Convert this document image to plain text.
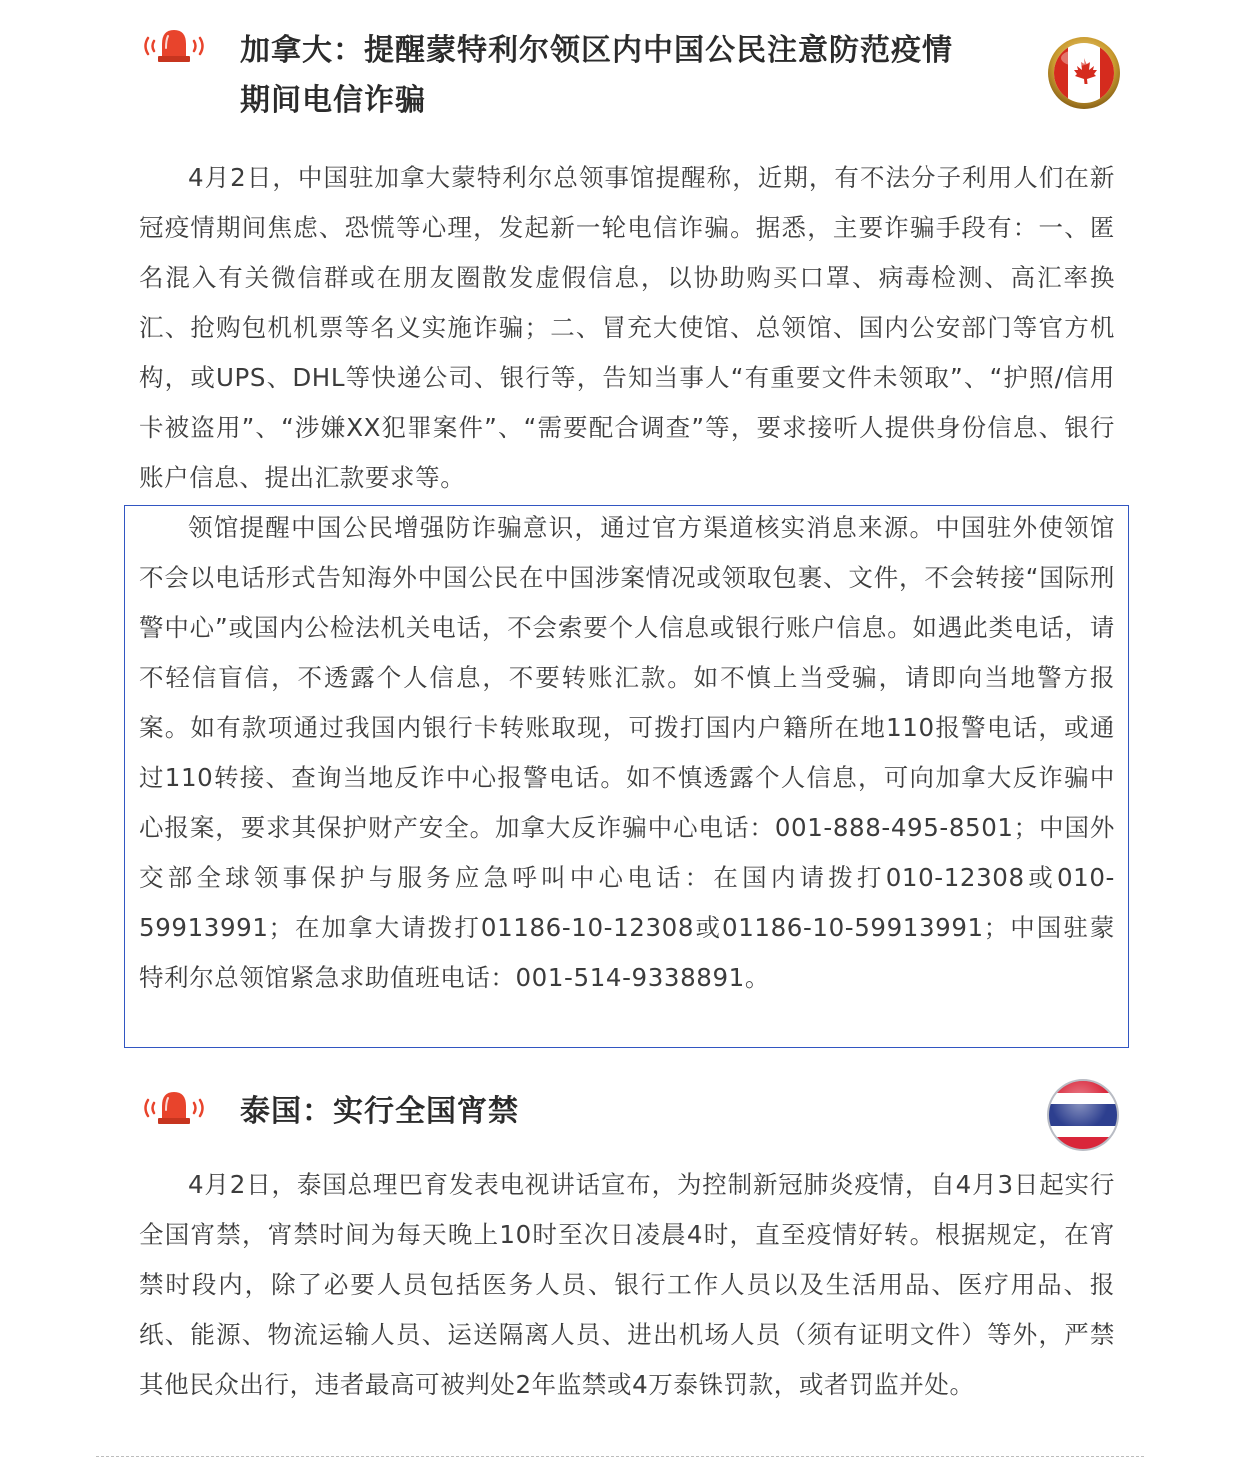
加拿大：提醒蒙特利尔领区内中国公民注意防范疫情
期间电信诈骗

4月2日，中国驻加拿大蒙特利尔总领事馆提醒称，近期，有不法分子利用人们在新冠疫情期间焦虑、恐慌等心理，发起新一轮电信诈骗。据悉，主要诈骗手段有：一、匿名混入有关微信群或在朋友圈散发虚假信息，以协助购买口罩、病毒检测、高汇率换汇、抢购包机机票等名义实施诈骗；二、冒充大使馆、总领馆、国内公安部门等官方机构，或UPS、DHL等快递公司、银行等，告知当事人“有重要文件未领取”、“护照/信用卡被盗用”、“涉嫌XX犯罪案件”、“需要配合调查”等，要求接听人提供身份信息、银行账户信息、提出汇款要求等。

领馆提醒中国公民增强防诈骗意识，通过官方渠道核实消息来源。中国驻外使领馆不会以电话形式告知海外中国公民在中国涉案情况或领取包裹、文件，不会转接“国际刑警中心”或国内公检法机关电话，不会索要个人信息或银行账户信息。如遇此类电话，请不轻信盲信，不透露个人信息，不要转账汇款。如不慎上当受骗，请即向当地警方报案。如有款项通过我国内银行卡转账取现，可拨打国内户籍所在地110报警电话，或通过110转接、查询当地反诈中心报警电话。如不慎透露个人信息，可向加拿大反诈骗中心报案，要求其保护财产安全。加拿大反诈骗中心电话：001-888-495-8501；中国外交部全球领事保护与服务应急呼叫中心电话：在国内请拨打010-12308或010-59913991；在加拿大请拨打01186-10-12308或01186-10-59913991；中国驻蒙特利尔总领馆紧急求助值班电话：001-514-9338891。

泰国：实行全国宵禁

4月2日，泰国总理巴育发表电视讲话宣布，为控制新冠肺炎疫情，自4月3日起实行全国宵禁，宵禁时间为每天晚上10时至次日凌晨4时，直至疫情好转。根据规定，在宵禁时段内，除了必要人员包括医务人员、银行工作人员以及生活用品、医疗用品、报纸、能源、物流运输人员、运送隔离人员、进出机场人员（须有证明文件）等外，严禁其他民众出行，违者最高可被判处2年监禁或4万泰铢罚款，或者罚监并处。
